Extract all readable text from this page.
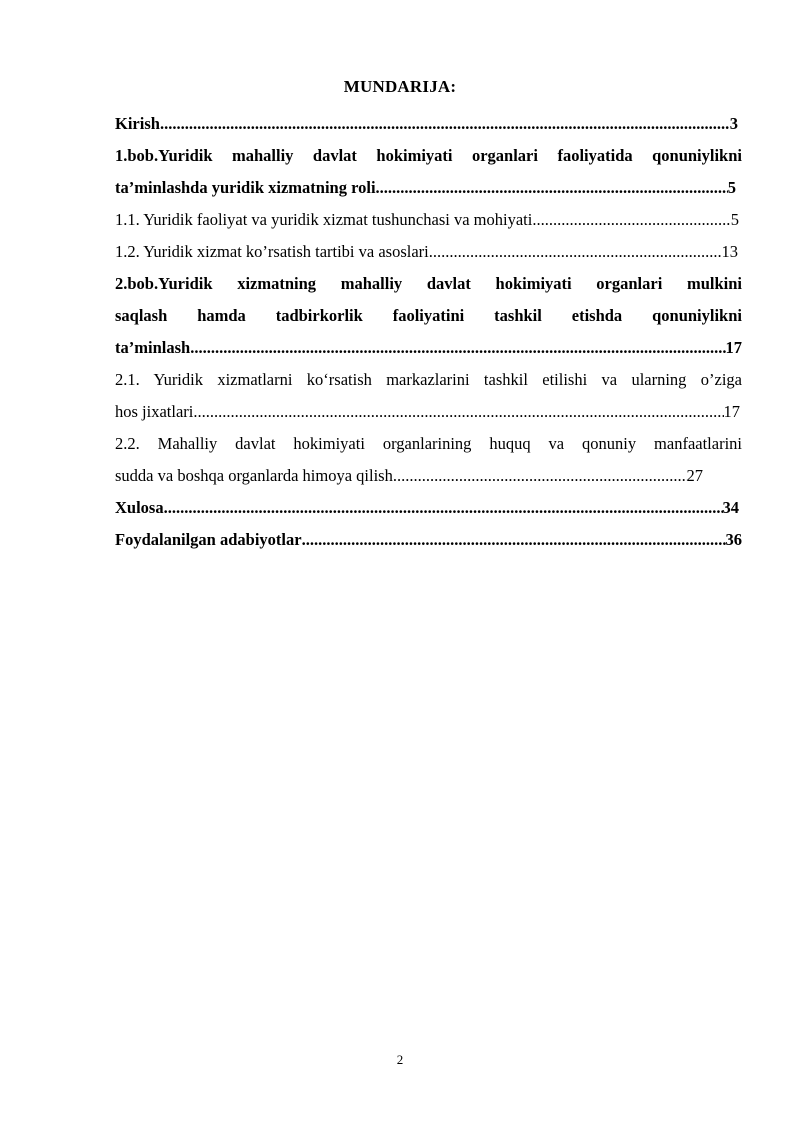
MUNDARIJA:
Kirish .....	3
1.bob.Yuridik mahalliy davlat hokimiyati organlari faoliyatida qonuniylikni
ta’minlashda yuridik xizmatning roli .....	5
1.1. Yuridik faoliyat va yuridik xizmat tushunchasi va mohiyati .....	5
1.2. Yuridik xizmat ko’rsatish tartibi va asoslari .....	13
2.bob.Yuridik xizmatning mahalliy davlat hokimiyati organlari mulkini
saqlash hamda tadbirkorlik faoliyatini tashkil etishda qonuniylikni
ta’minlash .....	17
2.1. Yuridik xizmatlarni ko‘rsatish markazlarini tashkil etilishi va ularning o’ziga
hos jixatlari .....	17
2.2. Mahalliy davlat hokimiyati organlarining huquq va qonuniy manfaatlarini
sudda va boshqa organlarda himoya qilish .....	27
Xulosa .....	34
Foydalanilgan adabiyotlar .....	36
2
